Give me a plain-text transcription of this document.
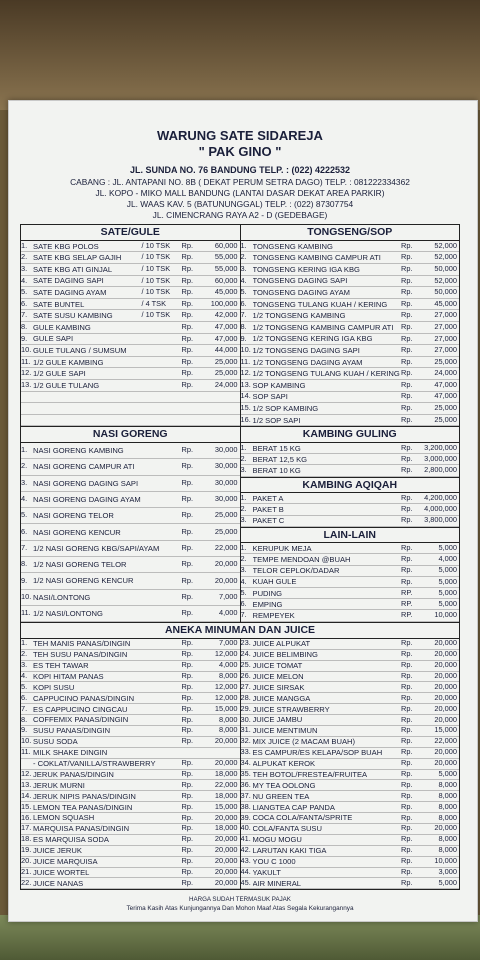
WARUNG SATE SIDAREJA
" PAK GINO "
JL. SUNDA NO. 76 BANDUNG TELP. : (022) 4222532
CABANG : JL. ANTAPANI NO. 8B ( DEKAT PERUM SETRA DAGO) TELP. : 081222334362
JL. KOPO - MIKO MALL BANDUNG (LANTAI DASAR DEKAT AREA PARKIR)
JL. WAAS KAV. 5 (BATUNUNGGAL) TELP. : (022) 87307754
JL. CIMENCRANG RAYA A2 - D (GEDEBAGE)
SATE/GULE
1. SATE KBG POLOS	/ 10 TSK	Rp.	60,000
2. SATE KBG SELAP GAJIH	/ 10 TSK	Rp.	55,000
3. SATE KBG ATI GINJAL	/ 10 TSK	Rp.	55,000
4. SATE DAGING SAPI	/ 10 TSK	Rp.	60,000
5. SATE DAGING AYAM	/ 10 TSK	Rp.	45,000
6. SATE BUNTEL	/ 4 TSK	Rp.	100,000
7. SATE SUSU KAMBING	/ 10 TSK	Rp.	42,000
8. GULE KAMBING	Rp.	47,000
9. GULE SAPI	Rp.	47,000
10. GULE TULANG / SUMSUM	Rp.	44,000
11. 1/2 GULE KAMBING	Rp.	25,000
12. 1/2 GULE SAPI	Rp.	25,000
13. 1/2 GULE TULANG	Rp.	24,000
TONGSENG/SOP
1. TONGSENG KAMBING	Rp.	52,000
2. TONGSENG KAMBING CAMPUR ATI	Rp.	52,000
3. TONGSENG KERING IGA KBG	Rp.	50,000
4. TONGSENG DAGING SAPI	Rp.	52,000
5. TONGSENG DAGING AYAM	Rp.	50,000
6. TONGSENG TULANG KUAH / KERING	Rp.	45,000
7. 1/2 TONGSENG KAMBING	Rp.	27,000
8. 1/2 TONGSENG KAMBING CAMPUR ATI	Rp.	27,000
9. 1/2 TONGSENG KERING IGA KBG	Rp.	27,000
10. 1/2 TONGSENG DAGING SAPI	Rp.	27,000
11. 1/2 TONGSENG DAGING AYAM	Rp.	25,000
12. 1/2 TONGSENG TULANG KUAH / KERING Rp.	24,000
13. SOP KAMBING	Rp.	47,000
14. SOP SAPI	Rp.	47,000
15. 1/2 SOP KAMBING	Rp.	25,000
16. 1/2 SOP SAPI	Rp.	25,000
NASI GORENG
1. NASI GORENG KAMBING	Rp.	30,000
2. NASI GORENG CAMPUR ATI	Rp.	30,000
3. NASI GORENG DAGING SAPI	Rp.	30,000
4. NASI GORENG DAGING AYAM	Rp.	30,000
5. NASI GORENG TELOR	Rp.	25,000
6. NASI GORENG KENCUR	Rp.	25,000
7. 1/2 NASI GORENG KBG/SAPI/AYAM	Rp.	22,000
8. 1/2 NASI GORENG TELOR	Rp.	20,000
9. 1/2 NASI GORENG KENCUR	Rp.	20,000
10. NASI/LONTONG	Rp.	7,000
11. 1/2 NASI/LONTONG	Rp.	4,000
KAMBING GULING
1. BERAT 15 KG	Rp.	3,200,000
2. BERAT 12,5 KG	Rp.	3,000,000
3. BERAT 10 KG	Rp.	2,800,000
KAMBING AQIQAH
1. PAKET A	Rp.	4,200,000
2. PAKET B	Rp.	4,000,000
3. PAKET C	Rp.	3,800,000
LAIN-LAIN
1. KERUPUK MEJA	Rp.	5,000
2. TEMPE MENDOAN @BUAH	Rp.	4,000
3. TELOR CEPLOK/DADAR	Rp.	5,000
4. KUAH GULE	Rp.	5,000
5. PUDING	RP.	5,000
6. EMPING	RP.	5,000
7. REMPEYEK	RP.	10,000
ANEKA MINUMAN DAN JUICE
1. TEH MANIS PANAS/DINGIN	Rp.	7,000
2. TEH SUSU PANAS/DINGIN	Rp.	12,000
3. ES TEH TAWAR	Rp.	4,000
4. KOPI HITAM PANAS	Rp.	8,000
5. KOPI SUSU	Rp.	12,000
6. CAPPUCINO PANAS/DINGIN	Rp.	12,000
7. ES CAPPUCINO CINGCAU	Rp.	15,000
8. COFFEMIX PANAS/DINGIN	Rp.	8,000
9. SUSU PANAS/DINGIN	Rp.	8,000
10. SUSU SODA	Rp.	20,000
11. MILK SHAKE DINGIN
- COKLAT/VANILLA/STRAWBERRY	Rp.	20,000
12. JERUK PANAS/DINGIN	Rp.	18,000
13. JERUK MURNI	Rp.	22,000
14. JERUK NIPIS PANAS/DINGIN	Rp.	18,000
15. LEMON TEA PANAS/DINGIN	Rp.	15,000
16. LEMON SQUASH	Rp.	20,000
17. MARQUISA PANAS/DINGIN	Rp.	18,000
18. ES MARQUISA SODA	Rp.	20,000
19. JUICE JERUK	Rp.	20,000
20. JUICE MARQUISA	Rp.	20,000
21. JUICE WORTEL	Rp.	20,000
22. JUICE NANAS	Rp.	20,000
23. JUICE ALPUKAT	Rp.	20,000
24. JUICE BELIMBING	Rp.	20,000
25. JUICE TOMAT	Rp.	20,000
26. JUICE MELON	Rp.	20,000
27. JUICE SIRSAK	Rp.	20,000
28. JUICE MANGGA	Rp.	20,000
29. JUICE STRAWBERRY	Rp.	20,000
30. JUICE JAMBU	Rp.	20,000
31. JUICE MENTIMUN	Rp.	15,000
32. MIX JUICE (2 MACAM BUAH)	Rp.	22,000
33. ES CAMPUR/ES KELAPA/SOP BUAH	Rp.	20,000
34. ALPUKAT KEROK	Rp.	20,000
35. TEH BOTOL/FRESTEA/FRUITEA	Rp.	5,000
36. MY TEA OOLONG	Rp.	8,000
37. NU GREEN TEA	Rp.	8,000
38. LIANGTEA CAP PANDA	Rp.	8,000
39. COCA COLA/FANTA/SPRITE	Rp.	8,000
40. COLA/FANTA SUSU	Rp.	20,000
41. MOGU MOGU	Rp.	8,000
42. LARUTAN KAKI TIGA	Rp.	8,000
43. YOU C 1000	Rp.	10,000
44. YAKULT	Rp.	3,000
45. AIR MINERAL	Rp.	5,000
HARGA SUDAH TERMASUK PAJAK
Terima Kasih Atas Kunjungannya Dan Mohon Maaf Atas Segala Kekurangannya
